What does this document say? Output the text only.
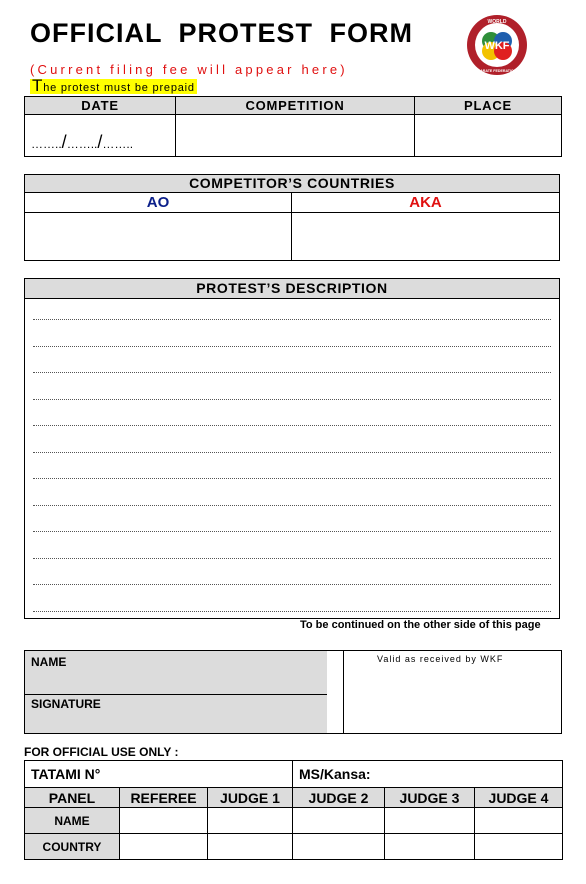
OFFICIAL PROTEST FORM
(Current filing fee will appear here)
The protest must be prepaid
WKF
WORLD
KARATE FEDERATION
DATE	COMPETITION	PLACE

……../……../……..		

COMPETITOR’S COUNTRIES	
AO	AKA

PROTEST’S DESCRIPTION
To be continued on the other side of this page
NAME
SIGNATURE
Valid as received by WKF
FOR OFFICIAL USE ONLY :
TATAMI N°			MS/Kansa:		
PANEL	REFEREE	JUDGE 1	JUDGE 2	JUDGE 3	JUDGE 4
NAME					
COUNTRY					
